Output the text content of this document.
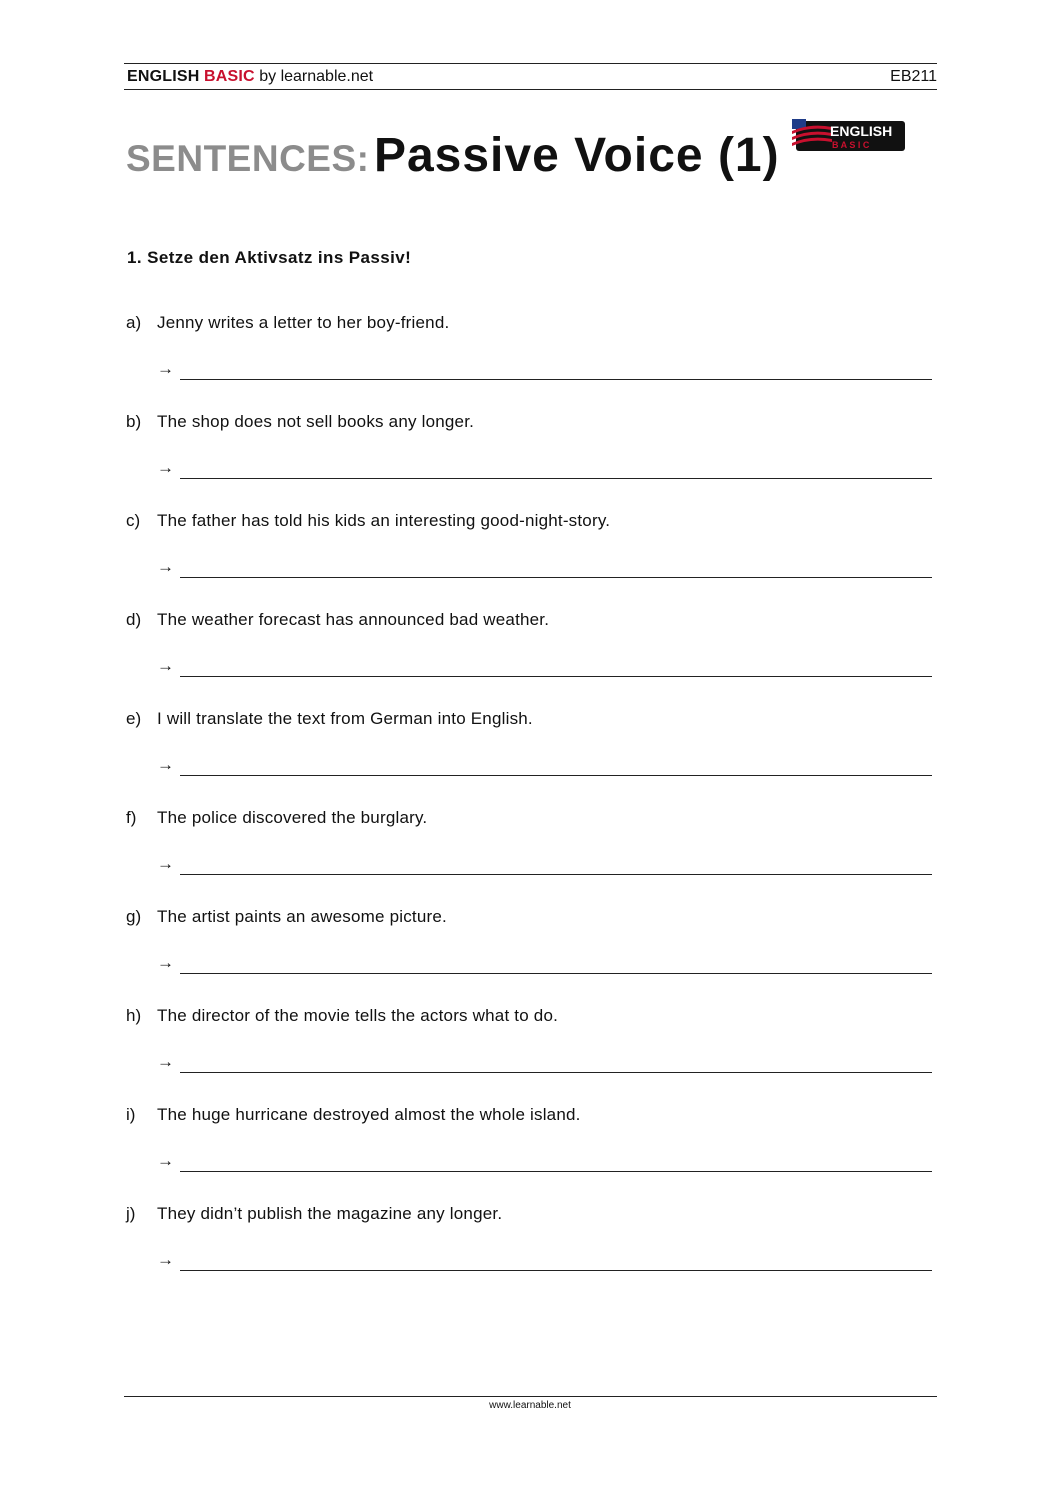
ENGLISH BASIC by learnable.net	EB211
SENTENCES: Passive Voice (1)	ENGLISH
B A S I C
1. Setze den Aktivsatz ins Passiv!
a) Jenny writes a letter to her boy-friend.
→
b) The shop does not sell books any longer.
→
c) The father has told his kids an interesting good-night-story.
→
d) The weather forecast has announced bad weather.
→
e) I will translate the text from German into English.
→
f) The police discovered the burglary.
→
g) The artist paints an awesome picture.
→
h) The director of the movie tells the actors what to do.
→
i) The huge hurricane destroyed almost the whole island.
→
j) They didn’t publish the magazine any longer.
→
www.learnable.net
